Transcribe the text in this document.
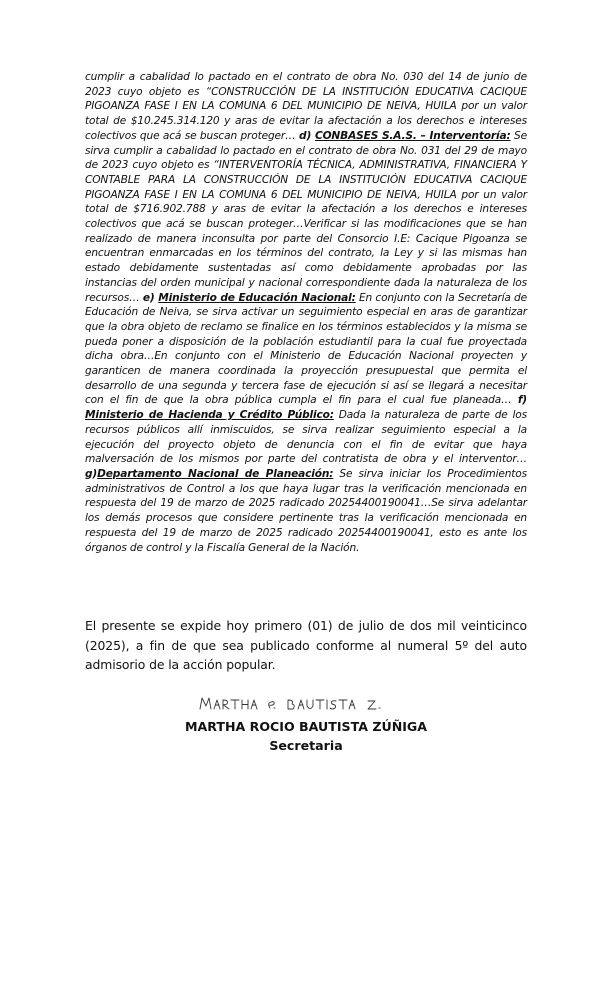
cumplir a cabalidad lo pactado en el contrato de obra No. 030 del 14 de junio de 2023 cuyo objeto es “CONSTRUCCIÓN DE LA INSTITUCIÓN EDUCATIVA CACIQUE PIGOANZA FASE I EN LA COMUNA 6 DEL MUNICIPIO DE NEIVA, HUILA por un valor total de $10.245.314.120 y aras de evitar la afectación a los derechos e intereses colectivos que acá se buscan proteger… d) CONBASES S.A.S. – Interventoría: Se sirva cumplir a cabalidad lo pactado en el contrato de obra No. 031 del 29 de mayo de 2023 cuyo objeto es “INTERVENTORÍA TÉCNICA, ADMINISTRATIVA, FINANCIERA Y CONTABLE PARA LA CONSTRUCCIÓN DE LA INSTITUCIÓN EDUCATIVA CACIQUE PIGOANZA FASE I EN LA COMUNA 6 DEL MUNICIPIO DE NEIVA, HUILA por un valor total de $716.902.788 y aras de evitar la afectación a los derechos e intereses colectivos que acá se buscan proteger…Verificar si las modificaciones que se han realizado de manera inconsulta por parte del Consorcio I.E: Cacique Pigoanza se encuentran enmarcadas en los términos del contrato, la Ley y si las mismas han estado debidamente sustentadas así como debidamente aprobadas por las instancias del orden municipal y nacional correspondiente dada la naturaleza de los recursos… e) Ministerio de Educación Nacional: En conjunto con la Secretaría de Educación de Neiva, se sirva activar un seguimiento especial en aras de garantizar que la obra objeto de reclamo se finalice en los términos establecidos y la misma se pueda poner a disposición de la población estudiantil para la cual fue proyectada dicha obra…En conjunto con el Ministerio de Educación Nacional proyecten y garanticen de manera coordinada la proyección presupuestal que permita el desarrollo de una segunda y tercera fase de ejecución si así se llegará a necesitar con el fin de que la obra pública cumpla el fin para el cual fue planeada… f) Ministerio de Hacienda y Crédito Público: Dada la naturaleza de parte de los recursos públicos allí inmiscuidos, se sirva realizar seguimiento especial a la ejecución del proyecto objeto de denuncia con el fin de evitar que haya malversación de los mismos por parte del contratista de obra y el interventor… g)Departamento Nacional de Planeación: Se sirva iniciar los Procedimientos administrativos de Control a los que haya lugar tras la verificación mencionada en respuesta del 19 de marzo de 2025 radicado 20254400190041…Se sirva adelantar los demás procesos que considere pertinente tras la verificación mencionada en respuesta del 19 de marzo de 2025 radicado 20254400190041, esto es ante los órganos de control y la Fiscalía General de la Nación.
El presente se expide hoy primero (01) de julio de dos mil veinticinco (2025), a fin de que sea publicado conforme al numeral 5º del auto admisorio de la acción popular.
MARTHA ROCIO BAUTISTA ZÚÑIGA
Secretaria
